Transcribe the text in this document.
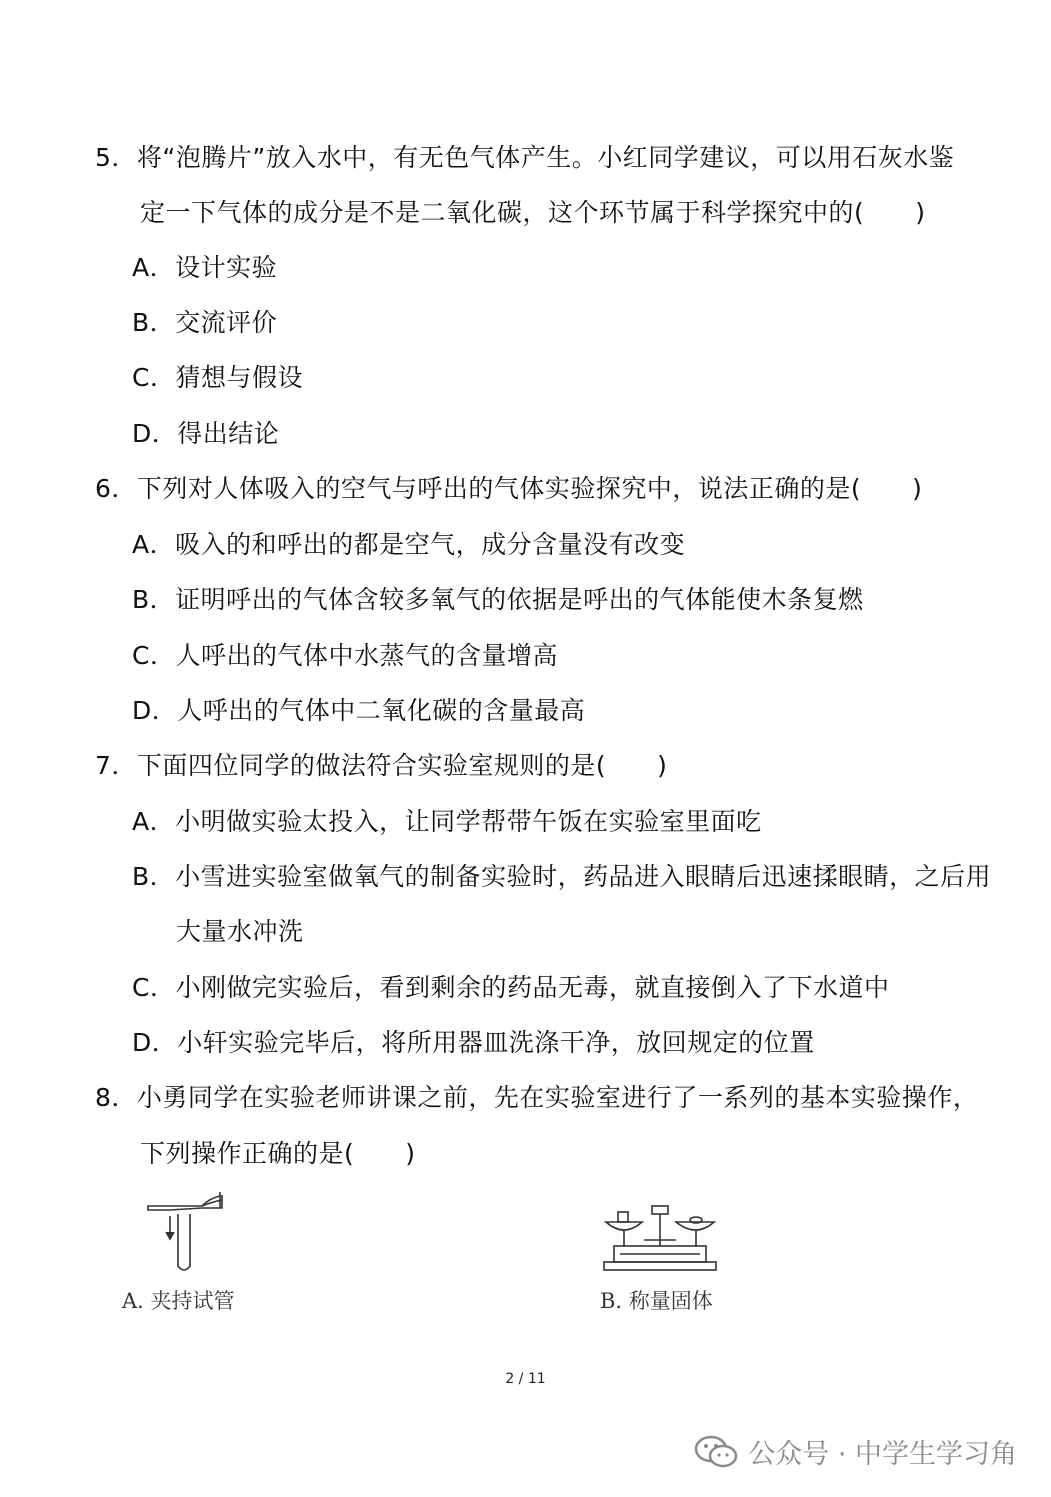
5．将“泡腾片”放入水中，有无色气体产生。小红同学建议，可以用石灰水鉴
定一下气体的成分是不是二氧化碳，这个环节属于科学探究中的(　　)
A．设计实验
B．交流评价
C．猜想与假设
D．得出结论
6．下列对人体吸入的空气与呼出的气体实验探究中，说法正确的是(　　)
A．吸入的和呼出的都是空气，成分含量没有改变
B．证明呼出的气体含较多氧气的依据是呼出的气体能使木条复燃
C．人呼出的气体中水蒸气的含量增高
D．人呼出的气体中二氧化碳的含量最高
7．下面四位同学的做法符合实验室规则的是(　　)
A．小明做实验太投入，让同学帮带午饭在实验室里面吃
B．小雪进实验室做氧气的制备实验时，药品进入眼睛后迅速揉眼睛，之后用
大量水冲洗
C．小刚做完实验后，看到剩余的药品无毒，就直接倒入了下水道中
D．小轩实验完毕后，将所用器皿洗涤干净，放回规定的位置
8．小勇同学在实验老师讲课之前，先在实验室进行了一系列的基本实验操作，
下列操作正确的是(　　)
A. 夹持试管	B. 称量固体
2 / 11
公众号 · 中学生学习角
